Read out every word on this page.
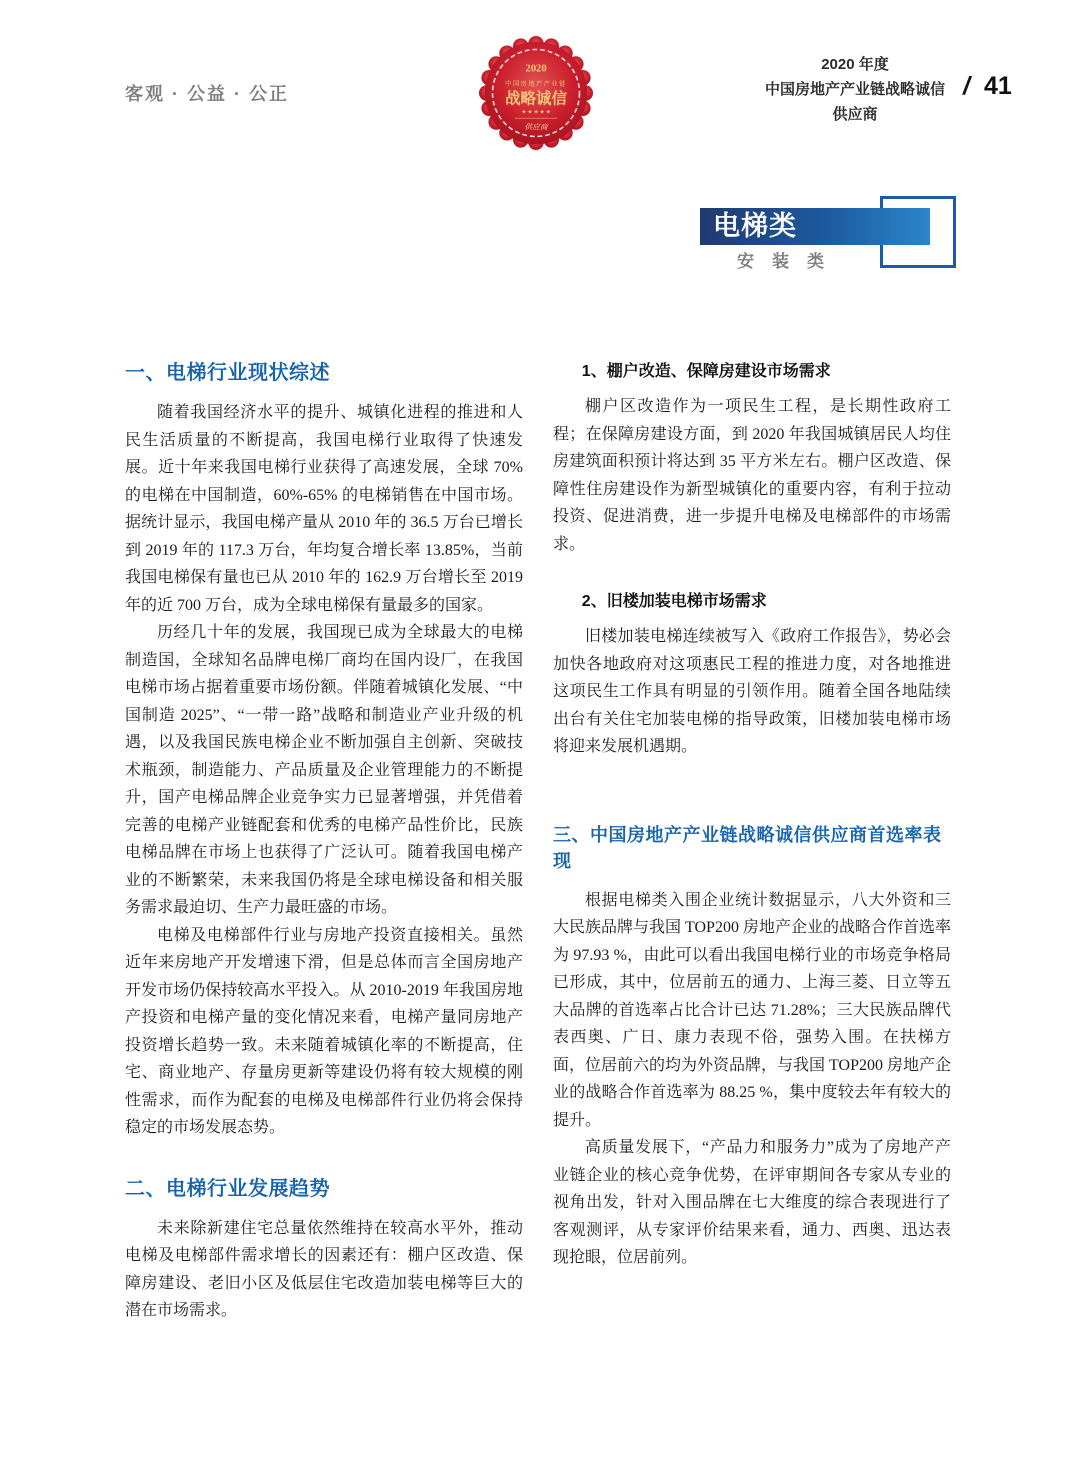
客观 · 公益 · 公正
2020
中国房地产产业链
战略诚信
★ ★ ★ ★ ★
供应商
2020 年度
中国房地产产业链战略诚信
供应商
/ 41
电梯类
安装类
一、电梯行业现状综述

随着我国经济水平的提升、城镇化进程的推进和人民生活质量的不断提高，我国电梯行业取得了快速发展。近十年来我国电梯行业获得了高速发展，全球 70% 的电梯在中国制造，60%-65% 的电梯销售在中国市场。据统计显示，我国电梯产量从 2010 年的 36.5 万台已增长到 2019 年的 117.3 万台，年均复合增长率 13.85%，当前我国电梯保有量也已从 2010 年的 162.9 万台增长至 2019 年的近 700 万台，成为全球电梯保有量最多的国家。

历经几十年的发展，我国现已成为全球最大的电梯制造国，全球知名品牌电梯厂商均在国内设厂，在我国电梯市场占据着重要市场份额。伴随着城镇化发展、“中国制造 2025”、“一带一路”战略和制造业产业升级的机遇，以及我国民族电梯企业不断加强自主创新、突破技术瓶颈，制造能力、产品质量及企业管理能力的不断提升，国产电梯品牌企业竞争实力已显著增强，并凭借着完善的电梯产业链配套和优秀的电梯产品性价比，民族电梯品牌在市场上也获得了广泛认可。随着我国电梯产业的不断繁荣，未来我国仍将是全球电梯设备和相关服务需求最迫切、生产力最旺盛的市场。

电梯及电梯部件行业与房地产投资直接相关。虽然近年来房地产开发增速下滑，但是总体而言全国房地产开发市场仍保持较高水平投入。从 2010-2019 年我国房地产投资和电梯产量的变化情况来看，电梯产量同房地产投资增长趋势一致。未来随着城镇化率的不断提高，住宅、商业地产、存量房更新等建设仍将有较大规模的刚性需求，而作为配套的电梯及电梯部件行业仍将会保持稳定的市场发展态势。

二、电梯行业发展趋势

未来除新建住宅总量依然维持在较高水平外，推动电梯及电梯部件需求增长的因素还有：棚户区改造、保障房建设、老旧小区及低层住宅改造加装电梯等巨大的潜在市场需求。

1、棚户改造、保障房建设市场需求

棚户区改造作为一项民生工程，是长期性政府工程；在保障房建设方面，到 2020 年我国城镇居民人均住房建筑面积预计将达到 35 平方米左右。棚户区改造、保障性住房建设作为新型城镇化的重要内容，有利于拉动投资、促进消费，进一步提升电梯及电梯部件的市场需求。

2、旧楼加装电梯市场需求

旧楼加装电梯连续被写入《政府工作报告》，势必会加快各地政府对这项惠民工程的推进力度，对各地推进这项民生工作具有明显的引领作用。随着全国各地陆续出台有关住宅加装电梯的指导政策，旧楼加装电梯市场将迎来发展机遇期。

三、中国房地产产业链战略诚信供应商首选率表现

根据电梯类入围企业统计数据显示，八大外资和三大民族品牌与我国 TOP200 房地产企业的战略合作首选率为 97.93 %，由此可以看出我国电梯行业的市场竞争格局已形成，其中，位居前五的通力、上海三菱、日立等五大品牌的首选率占比合计已达 71.28%；三大民族品牌代表西奥、广日、康力表现不俗，强势入围。在扶梯方面，位居前六的均为外资品牌，与我国 TOP200 房地产企业的战略合作首选率为 88.25 %，集中度较去年有较大的提升。

高质量发展下，“产品力和服务力”成为了房地产产业链企业的核心竞争优势，在评审期间各专家从专业的视角出发，针对入围品牌在七大维度的综合表现进行了客观测评，从专家评价结果来看，通力、西奥、迅达表现抢眼，位居前列。
